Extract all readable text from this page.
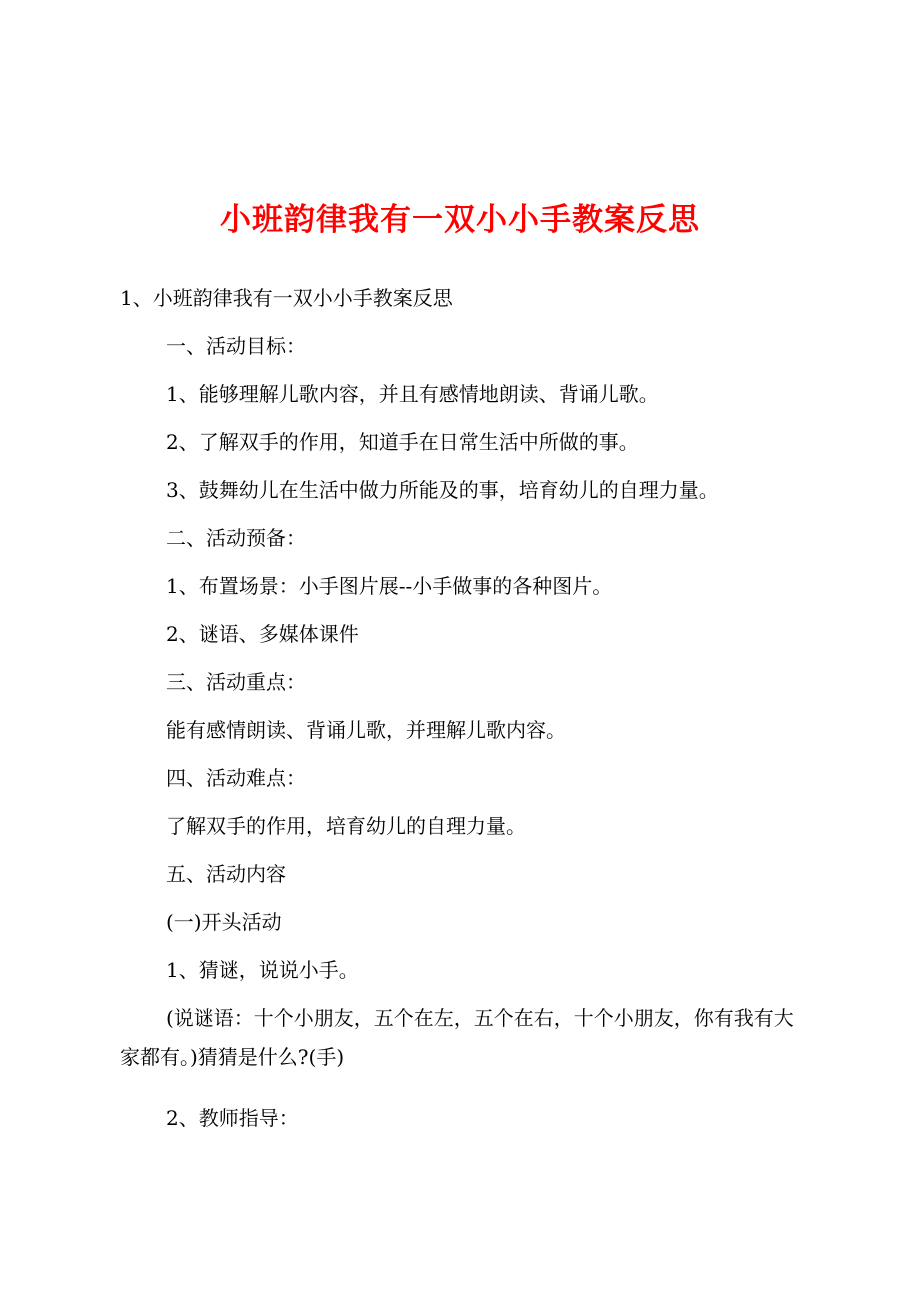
小班韵律我有一双小小手教案反思
1、小班韵律我有一双小小手教案反思
一、活动目标：
1、能够理解儿歌内容，并且有感情地朗读、背诵儿歌。
2、了解双手的作用，知道手在日常生活中所做的事。
3、鼓舞幼儿在生活中做力所能及的事，培育幼儿的自理力量。
二、活动预备：
1、布置场景：小手图片展--小手做事的各种图片。
2、谜语、多媒体课件
三、活动重点：
能有感情朗读、背诵儿歌，并理解儿歌内容。
四、活动难点：
了解双手的作用，培育幼儿的自理力量。
五、活动内容
(一)开头活动
1、猜谜，说说小手。
(说谜语：十个小朋友，五个在左，五个在右，十个小朋友，你有我有大家都有。)猜猜是什么?(手)
2、教师指导：
